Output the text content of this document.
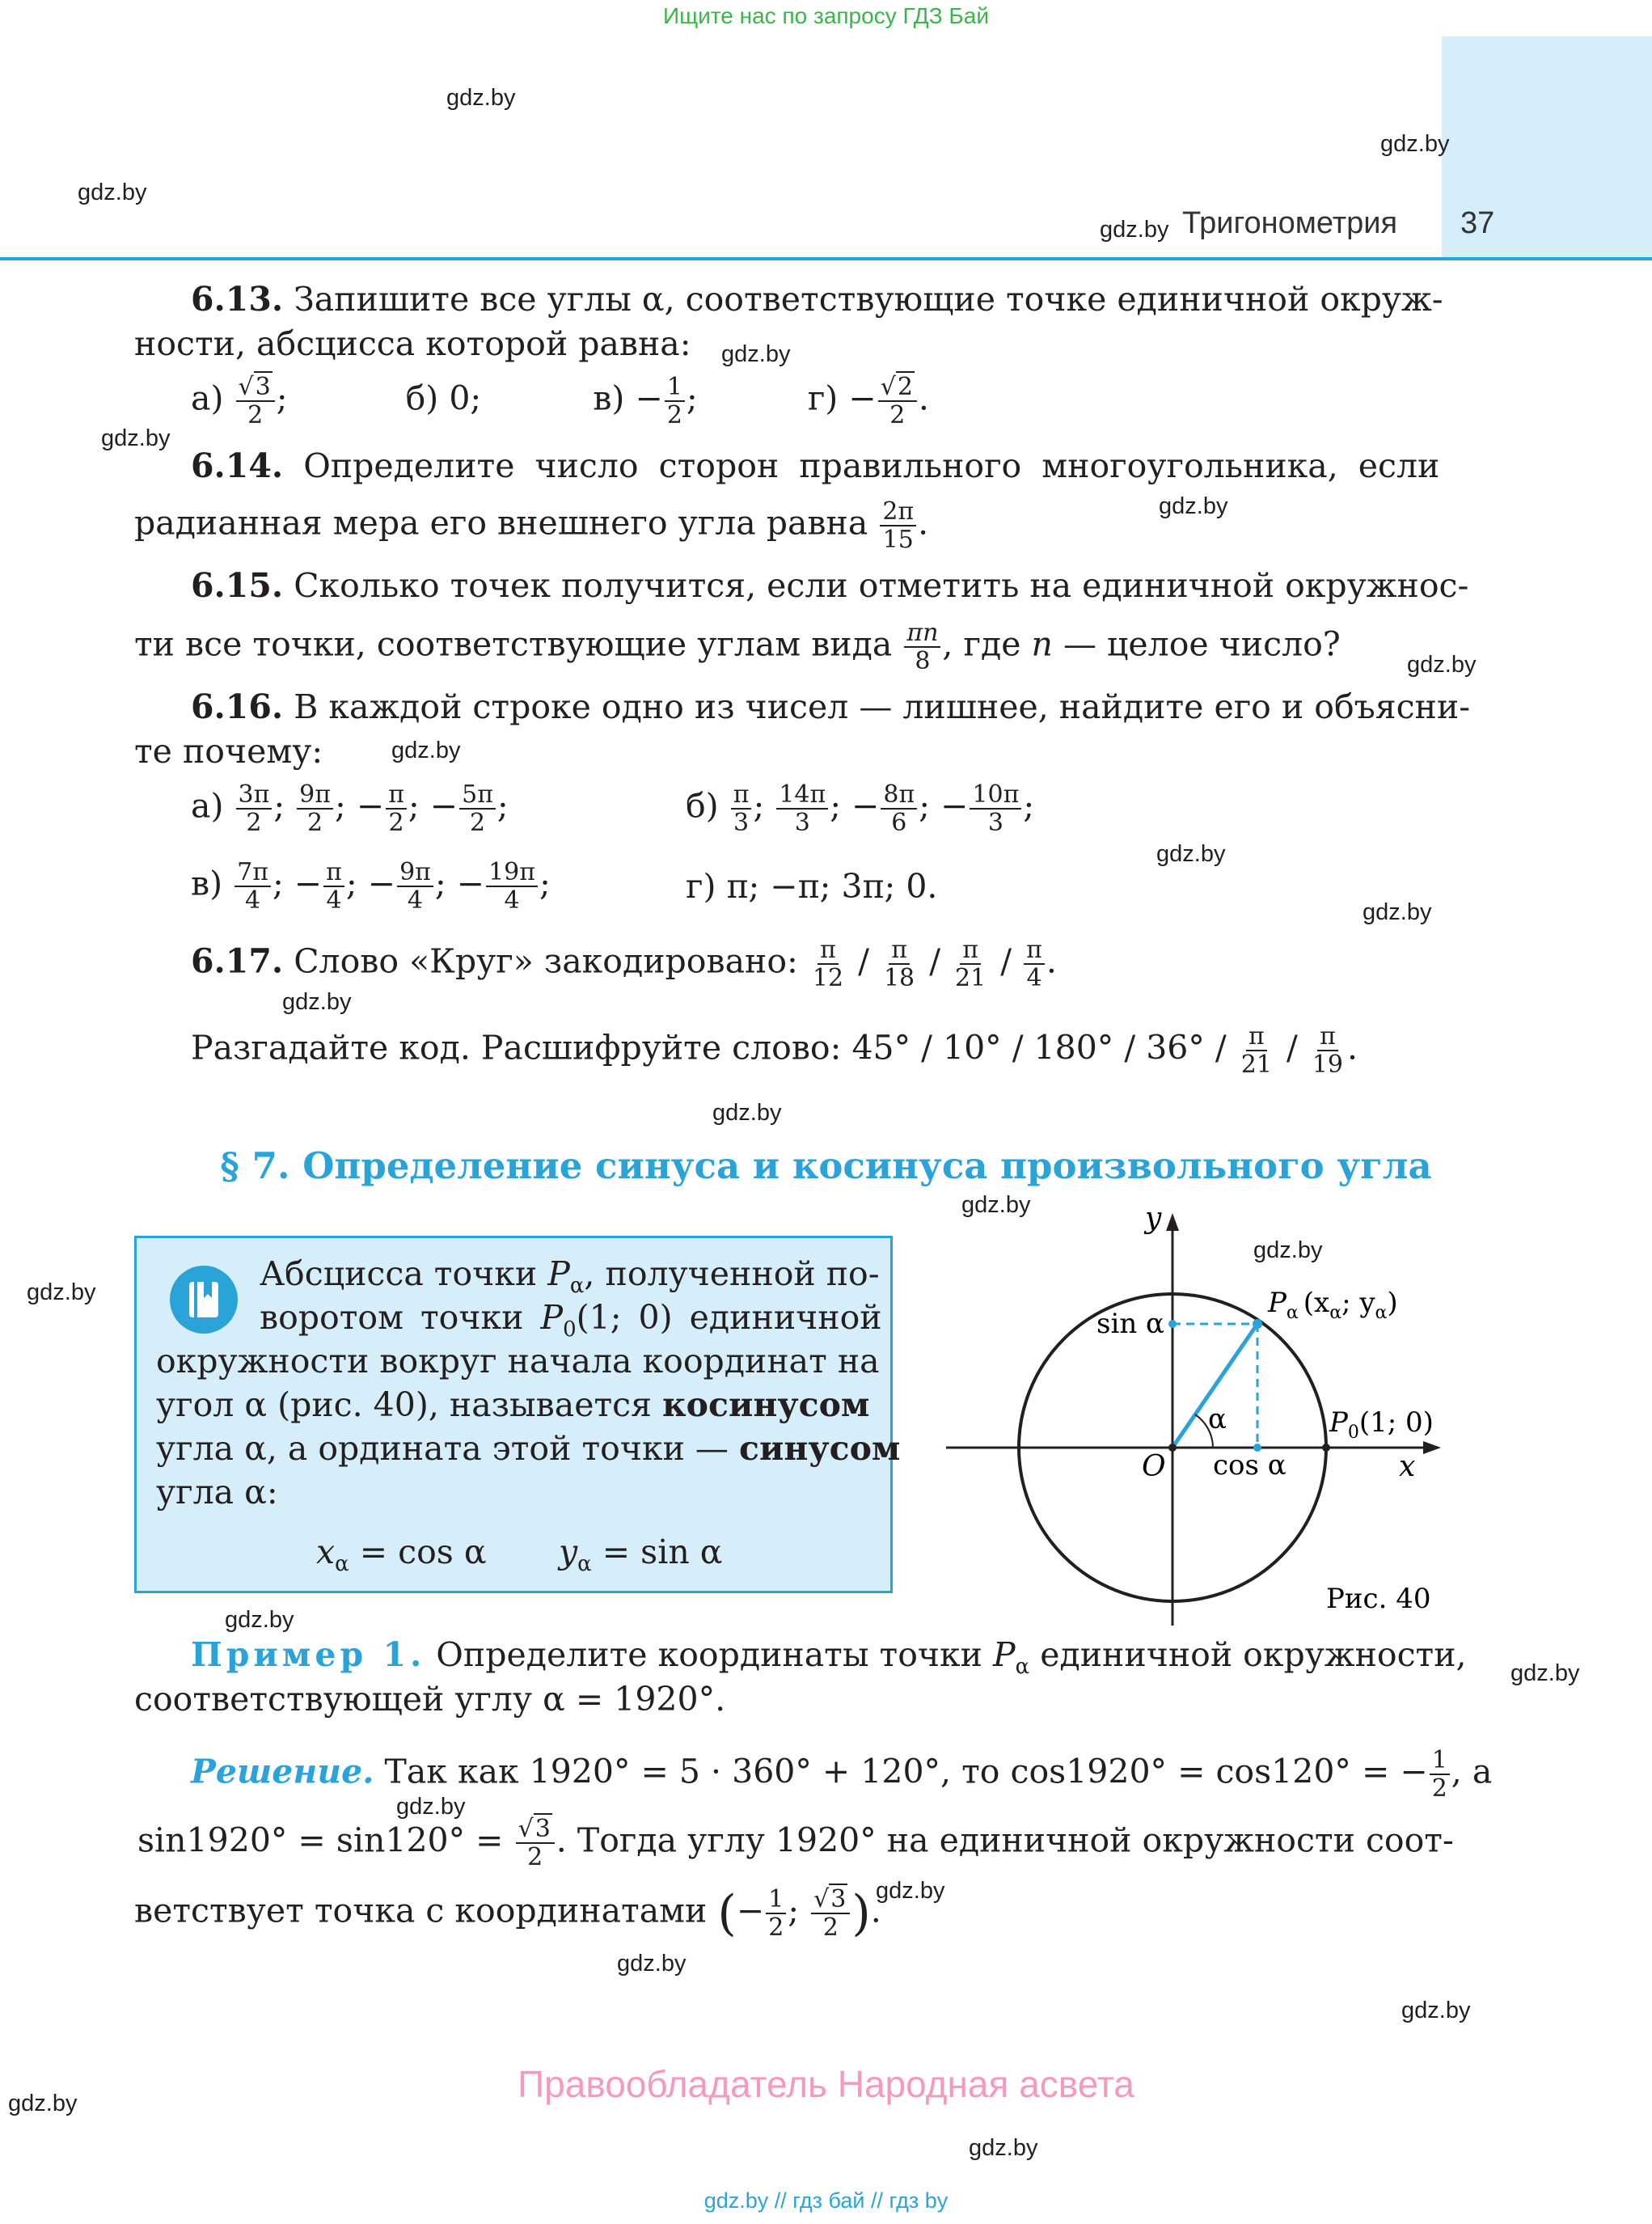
Ищите нас по запросу ГДЗ Бай
Тригонометрия 37
gdz.by
gdz.by
gdz.by
gdz.by
gdz.by
gdz.by
gdz.by
gdz.by
gdz.by
gdz.by
gdz.by
gdz.by
gdz.by
gdz.by
gdz.by
gdz.by
gdz.by
gdz.by
gdz.by
gdz.by
gdz.by
gdz.by
gdz.by
gdz.by
6.13. Запишите все углы α, соответствующие точке единичной окруж-
ности, абсцисса которой равна:
$а) \frac{√3}{2}$ ;	б) 0;	$в) - \frac{1}{2}$ ;	$г) - \frac{√2}{2}$ .
6.14. Определите число сторон правильного многоугольника, если
радианная мера его внешнего угла равна $\frac{2\pi}{15}$ .
6.15. Сколько точек получится, если отметить на единичной окружнос-
ти все точки, соответствующие углам вида $\frac{\pi n}{8}$ , где n — целое число?
6.16. В каждой строке одно из чисел — лишнее, найдите его и объясни-
те почему:
$а) \frac{3\pi}{2}$ ; $\frac{9\pi}{2}$ ; − $\frac{\pi}{2}$ ; − $\frac{5\pi}{2}$ ;	$б) \frac{\pi}{3}$ ; $\frac{14\pi}{3}$ ; − $\frac{8\pi}{6}$ ; − $\frac{10\pi}{3}$ ;
$в) \frac{7\pi}{4}$ ; − $\frac{\pi}{4}$ ; − $\frac{9\pi}{4}$ ; − $\frac{19\pi}{4}$ ;	г) π; −π; 3π; 0.
6.17. Слово «Круг» закодировано: $\frac{\pi}{12} / \frac{\pi}{18} / \frac{\pi}{21} / \frac{\pi}{4}$ .
Разгадайте код. Расшифруйте слово: $45^\circ / 10^\circ / 180^\circ / 36^\circ / \frac{\pi}{21} / \frac{\pi}{19}$ .
§ 7. Определение синуса и косинуса произвольного угла
Абсцисса точки $P_\alpha$, полученной по-
воротом точки $P_0(1$; 0) единичной
окружности вокруг начала координат на
угол α (рис. 40), называется косинусом
угла α, а ордината этой точки — синусом
угла α:
$x_\alpha = \cos \alpha$ $y_\alpha = \sin \alpha$
y
x
O
sin α
cos α
α
$P_\alpha$ ($x_\alpha$; $y_\alpha$)
$P_0(1$; 0)
Рис. 40
Пример 1. Определите координаты точки $P_\alpha$ единичной окружности,
соответствующей углу α = 1920°.
Решение. Так как 1920° = 5 · 360° + 120°, то cos1920° = cos120° = − $\frac{1}{2}$ , а
$\sin 1920^\circ = \sin 120^\circ = \frac{√3}{2}$ . Тогда углу 1920° на единичной окружности соот-
ветствует точка с координатами (− $\frac{1}{2}$ ; $\frac{√3}{2}$ ).
Правообладатель Народная асвета
gdz.by // гдз бай // гдз by
